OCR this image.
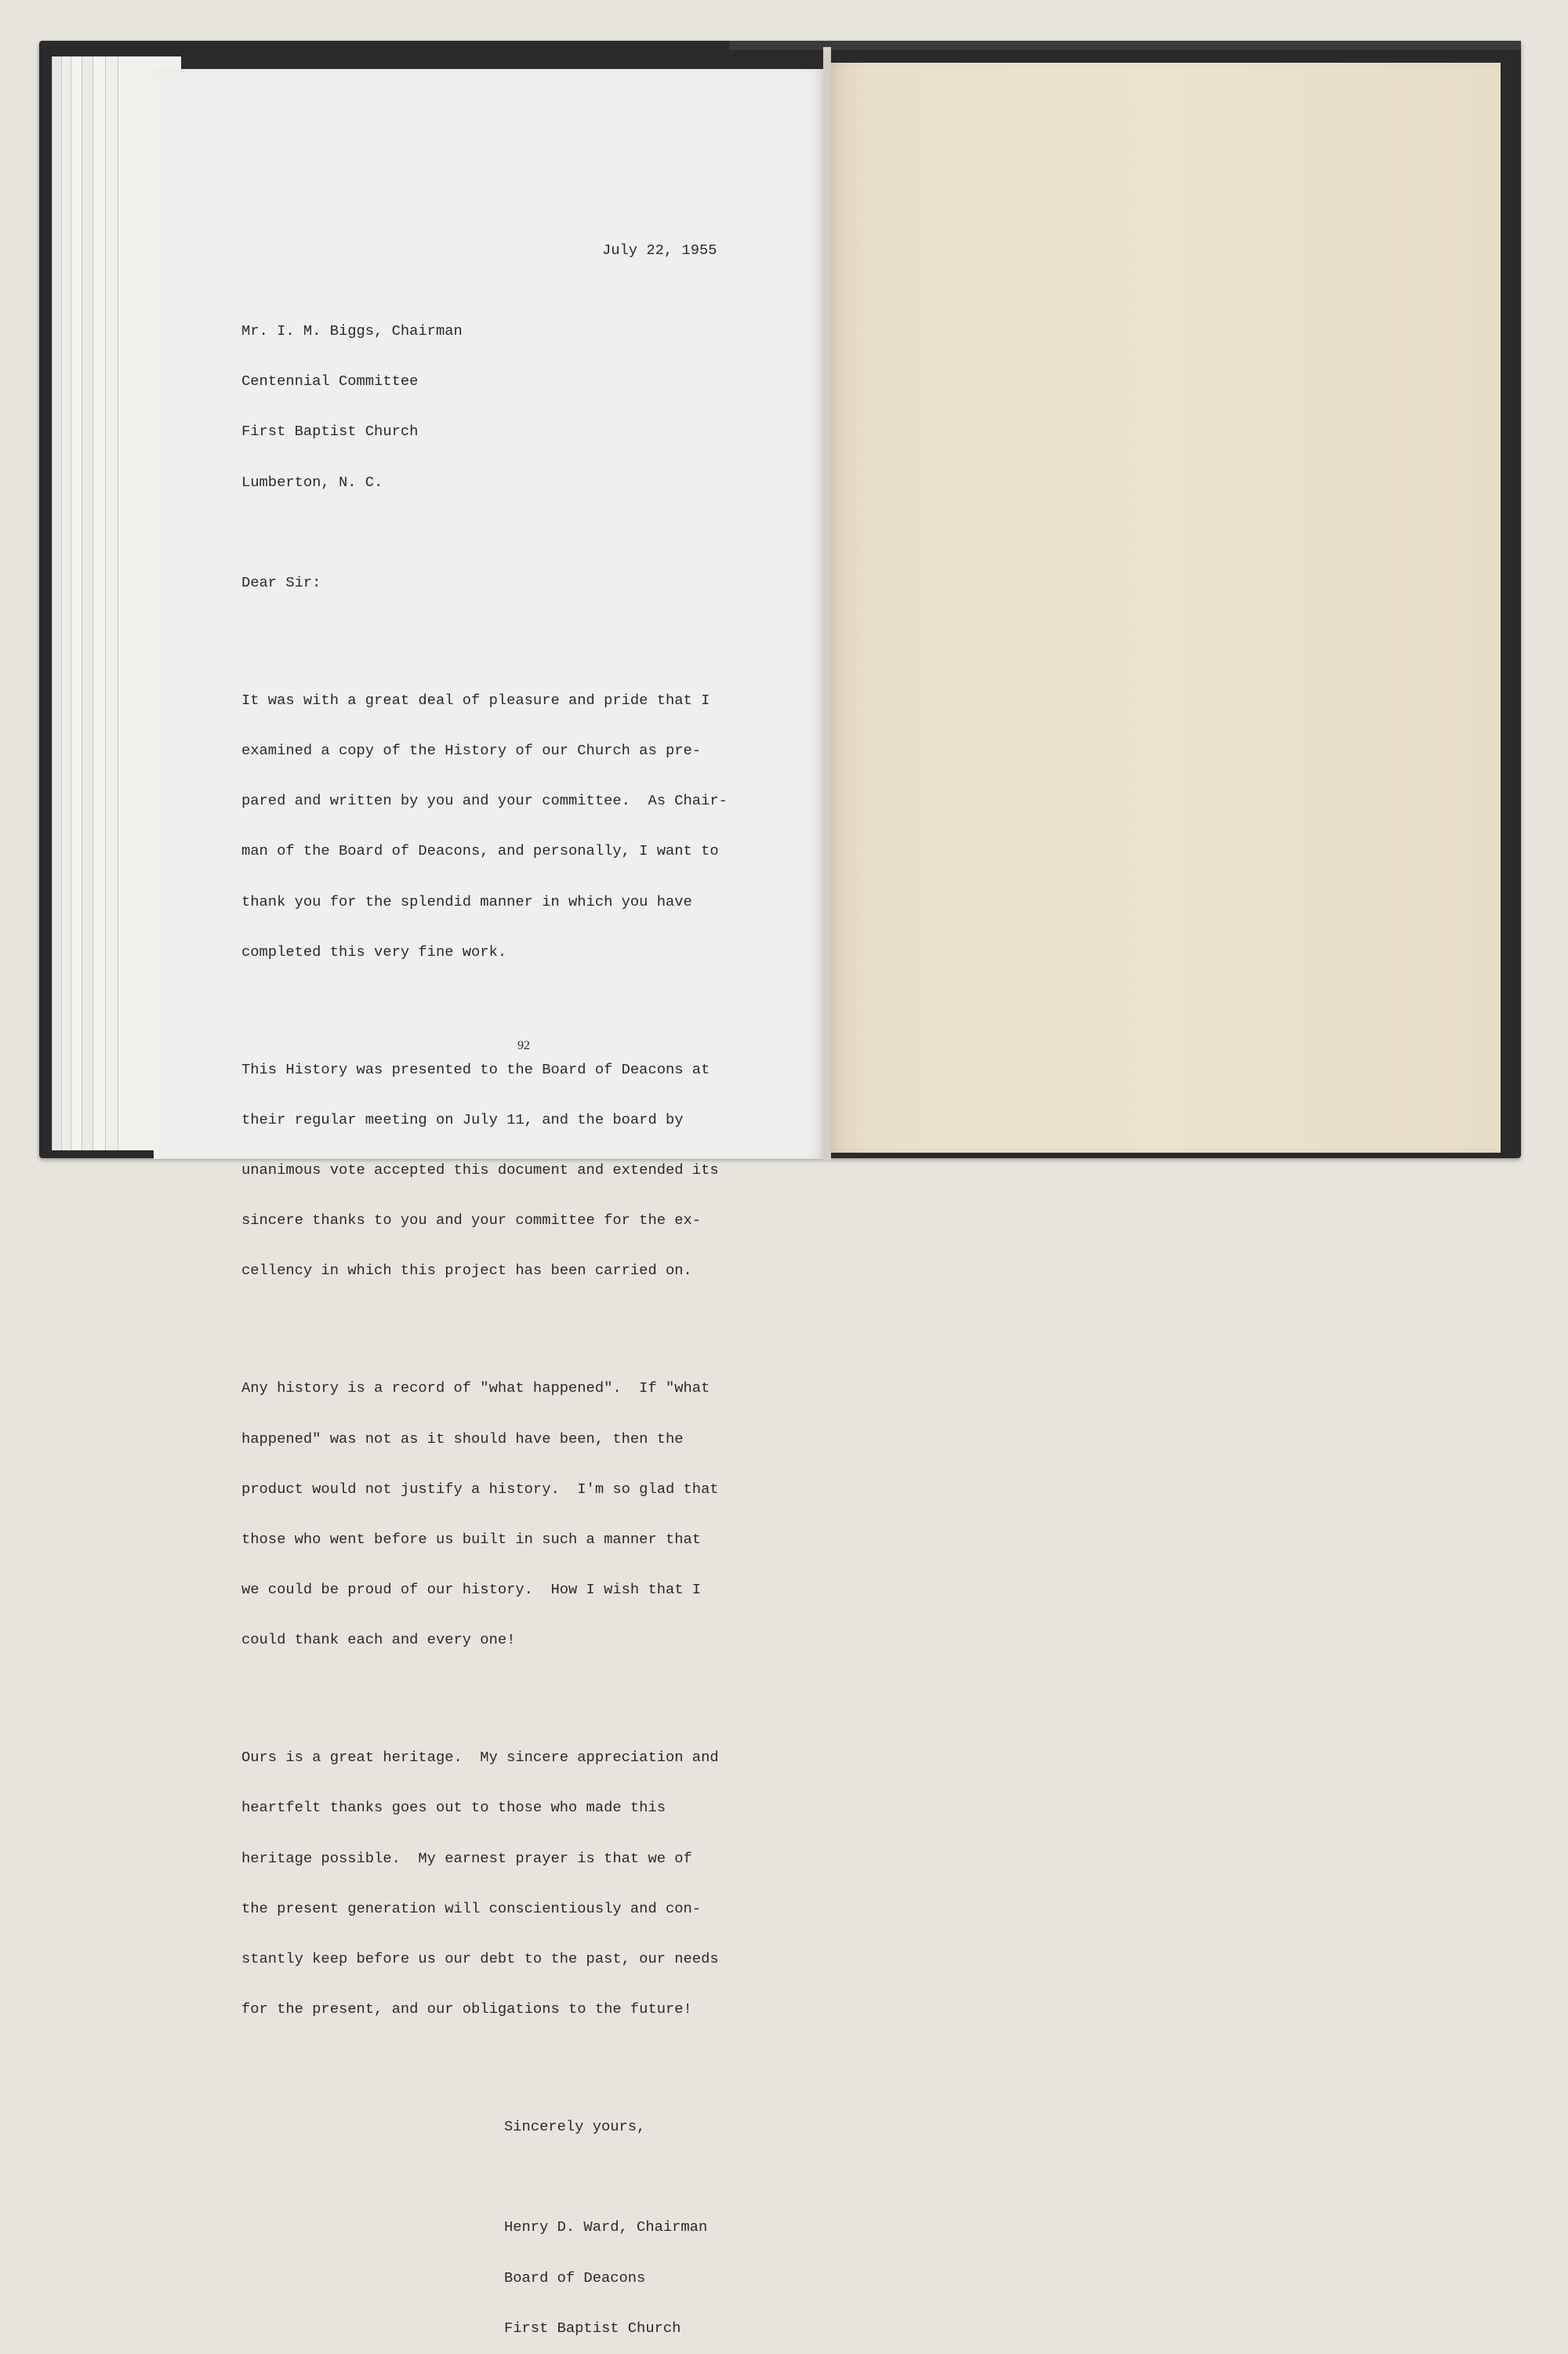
July 22, 1955

Mr. I. M. Biggs, Chairman

Centennial Committee

First Baptist Church

Lumberton, N. C.

Dear Sir:

It was with a great deal of pleasure and pride that I

examined a copy of the History of our Church as pre-

pared and written by you and your committee.  As Chair-

man of the Board of Deacons, and personally, I want to

thank you for the splendid manner in which you have

completed this very fine work.

This History was presented to the Board of Deacons at

their regular meeting on July 11, and the board by

unanimous vote accepted this document and extended its

sincere thanks to you and your committee for the ex-

cellency in which this project has been carried on.

Any history is a record of "what happened".  If "what

happened" was not as it should have been, then the

product would not justify a history.  I'm so glad that

those who went before us built in such a manner that

we could be proud of our history.  How I wish that I

could thank each and every one!

Ours is a great heritage.  My sincere appreciation and

heartfelt thanks goes out to those who made this

heritage possible.  My earnest prayer is that we of

the present generation will conscientiously and con-

stantly keep before us our debt to the past, our needs

for the present, and our obligations to the future!

Sincerely yours,

Henry D. Ward, Chairman

Board of Deacons

First Baptist Church

92
